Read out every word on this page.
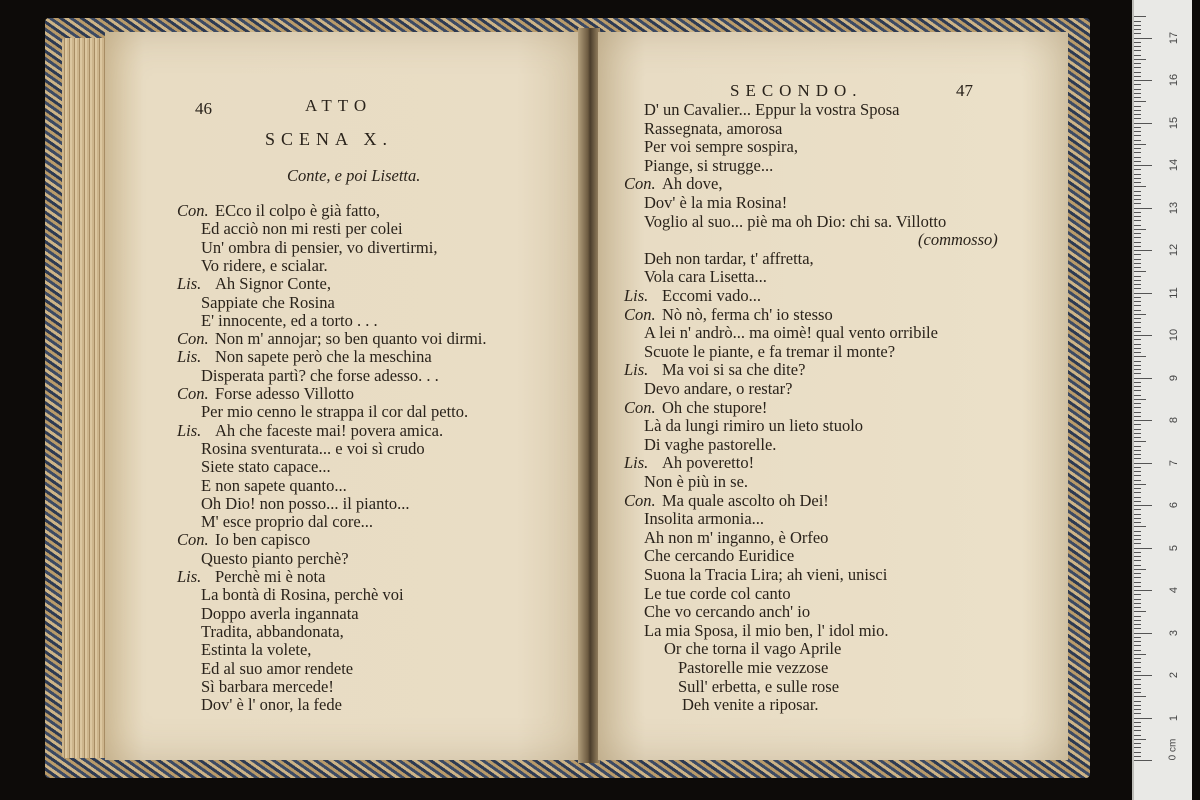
46	ATTO
SCENA X.
Conte, e poi Lisetta.
Con. ECco il colpo è già fatto,
Ed acciò non mi resti per colei
Un' ombra di pensier, vo divertirmi,
Vo ridere, e scialar.
Lis. Ah Signor Conte,
Sappiate che Rosina
E' innocente, ed a torto . . .
Con. Non m' annojar; so ben quanto voi dirmi.
Lis. Non sapete però che la meschina
Disperata partì? che forse adesso. . .
Con. Forse adesso Villotto
Per mio cenno le strappa il cor dal petto.
Lis. Ah che faceste mai! povera amica.
Rosina sventurata... e voi sì crudo
Siete stato capace...
E non sapete quanto...
Oh Dio! non posso... il pianto...
M' esce proprio dal core...
Con. Io ben capisco
Questo pianto perchè?
Lis. Perchè mi è nota
La bontà di Rosina, perchè voi
Doppo averla ingannata
Tradita, abbandonata,
Estinta la volete,
Ed al suo amor rendete
Sì barbara mercede!
Dov' è l' onor, la fede
SECONDO.	47
D' un Cavalier... Eppur la vostra Sposa
Rassegnata, amorosa
Per voi sempre sospira,
Piange, si strugge...
Con. Ah dove,
Dov' è la mia Rosina!
Voglio al suo... piè ma oh Dio: chi sa. Villotto
(commosso)
Deh non tardar, t' affretta,
Vola cara Lisetta...
Lis. Eccomi vado...
Con. Nò nò, ferma ch' io stesso
A lei n' andrò... ma oimè! qual vento orribile
Scuote le piante, e fa tremar il monte?
Lis. Ma voi si sa che dite?
Devo andare, o restar?
Con. Oh che stupore!
Là da lungi rimiro un lieto stuolo
Di vaghe pastorelle.
Lis. Ah poveretto!
Non è più in se.
Con. Ma quale ascolto oh Dei!
Insolita armonia...
Ah non m' inganno, è Orfeo
Che cercando Euridice
Suona la Tracia Lira; ah vieni, unisci
Le tue corde col canto
Che vo cercando anch' io
La mia Sposa, il mio ben, l' idol mio.
Or che torna il vago Aprile
Pastorelle mie vezzose
Sull' erbetta, e sulle rose
Deh venite a riposar.
17
16
15
14
13
12
11
10
9
8
7
6
5
4
3
2
1
0 cm
